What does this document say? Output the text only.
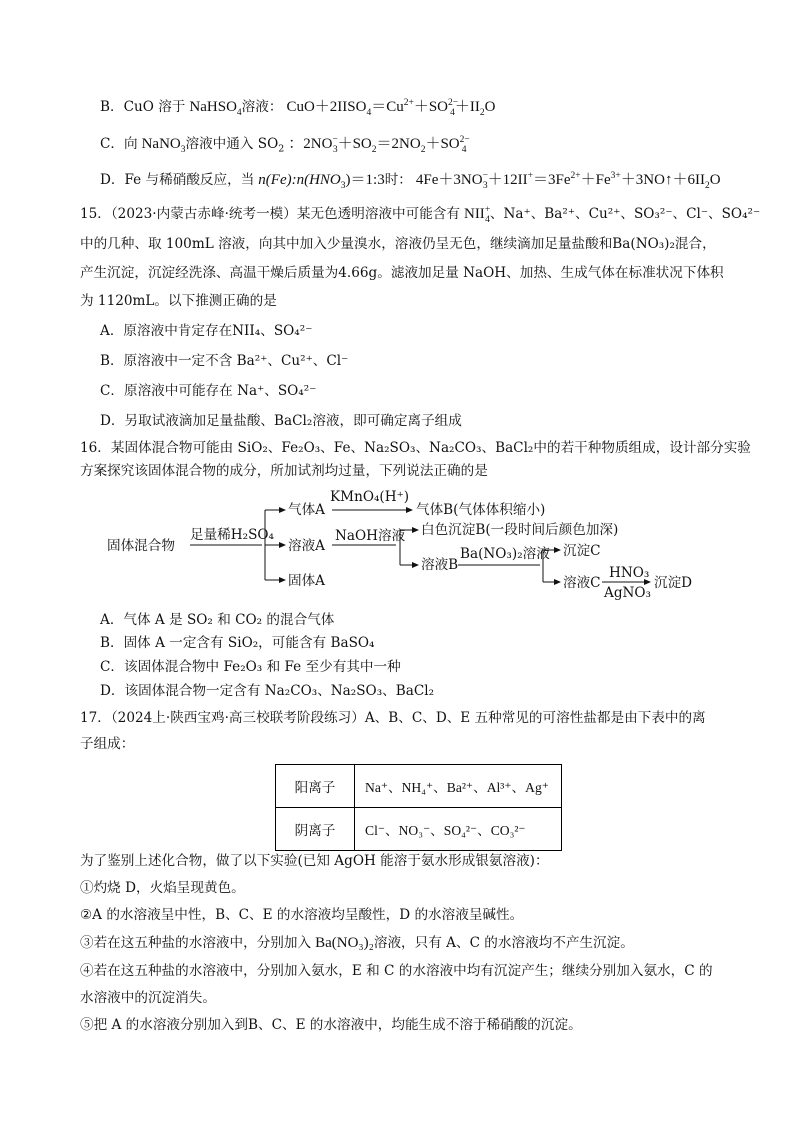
B．CuO 溶于 NaHSO$_4$溶液： $CuO+2IISO_4=Cu^{2+}+SO^{2-}_4+II_2O$
C．向 NaNO$_3$溶液中通入 $SO_2$ ：$2NO^-_3+SO_2=2NO_2+SO^{2-}_4$
D．Fe 与稀硝酸反应，当 $n(Fe):n(HNO_3)=1:3$时： $4Fe+3NO^-_3+12II^+=3Fe^{2+}+Fe^{3+}+3NO↑+6II_2O$
15．（2023·内蒙古赤峰·统考一模）某无色透明溶液中可能含有 $NII^+_4$、Na⁺、Ba²⁺、Cu²⁺、SO₃²⁻、Cl⁻、SO₄²⁻
中的几种、取 100mL 溶液，向其中加入少量溴水，溶液仍呈无色，继续滴加足量盐酸和Ba(NO₃)₂混合，
产生沉淀，沉淀经洗涤、高温干燥后质量为4.66g。滤液加足量 NaOH、加热、生成气体在标准状况下体积
为 1120mL。以下推测正确的是
A．原溶液中肯定存在NII₄、SO₄²⁻
B．原溶液中一定不含 Ba²⁺、Cu²⁺、Cl⁻
C．原溶液中可能存在 Na⁺、SO₄²⁻
D．另取试液滴加足量盐酸、BaCl₂溶液，即可确定离子组成
16．某固体混合物可能由 SiO₂、Fe₂O₃、Fe、Na₂SO₃、Na₂CO₃、BaCl₂中的若干种物质组成，设计部分实验
方案探究该固体混合物的成分，所加试剂均过量，下列说法正确的是
固体混合物
足量稀H₂SO₄
气体A
KMnO₄(H⁺)
气体B(气体体积缩小)
溶液A
NaOH溶液 白色沉淀B(一段时间后颜色加深)
溶液B
Ba(NO₃)₂溶液 沉淀C
溶液C
HNO₃
AgNO₃
沉淀D
固体A
A．气体 A 是 SO₂ 和 CO₂ 的混合气体
B．固体 A 一定含有 SiO₂，可能含有 BaSO₄
C．该固体混合物中 Fe₂O₃ 和 Fe 至少有其中一种
D．该固体混合物一定含有 Na₂CO₃、Na₂SO₃、BaCl₂
17．（2024上·陕西宝鸡·高三校联考阶段练习）A、B、C、D、E 五种常见的可溶性盐都是由下表中的离
子组成：
阳离子	Na⁺、NH₄⁺、Ba²⁺、Al³⁺、Ag⁺
阴离子	Cl⁻、NO₃⁻、SO₄²⁻、CO₃²⁻
为了鉴别上述化合物，做了以下实验(已知 AgOH 能溶于氨水形成银氨溶液)：
①灼烧 D，火焰呈现黄色。
②A 的水溶液呈中性，B、C、E 的水溶液均呈酸性，D 的水溶液呈碱性。
③若在这五种盐的水溶液中，分别加入 Ba(NO₃)₂溶液，只有 A、C 的水溶液均不产生沉淀。
④若在这五种盐的水溶液中，分别加入氨水，E 和 C 的水溶液中均有沉淀产生；继续分别加入氨水，C 的
水溶液中的沉淀消失。
⑤把 A 的水溶液分别加入到B、C、E 的水溶液中，均能生成不溶于稀硝酸的沉淀。
